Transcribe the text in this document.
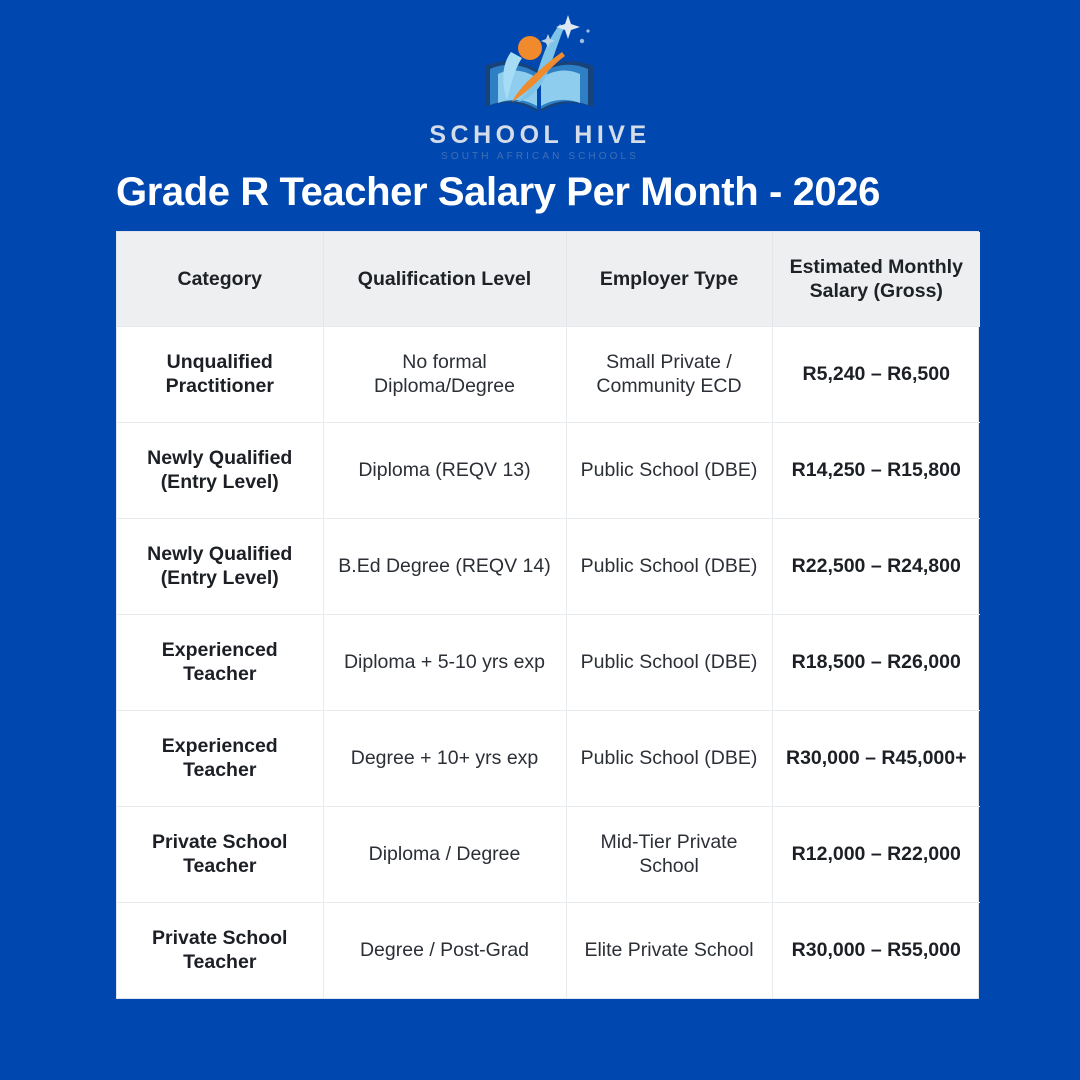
SCHOOL HIVE
SOUTH AFRICAN SCHOOLS
Grade R Teacher Salary Per Month - 2026
Category	Qualification Level	Employer Type	Estimated Monthly Salary (Gross)
Unqualified Practitioner	No formal Diploma/Degree	Small Private / Community ECD	R5,240 – R6,500
Newly Qualified (Entry Level)	Diploma (REQV 13)	Public School (DBE)	R14,250 – R15,800
Newly Qualified (Entry Level)	B.Ed Degree (REQV 14)	Public School (DBE)	R22,500 – R24,800
Experienced Teacher	Diploma + 5-10 yrs exp	Public School (DBE)	R18,500 – R26,000
Experienced Teacher	Degree + 10+ yrs exp	Public School (DBE)	R30,000 – R45,000+
Private School Teacher	Diploma / Degree	Mid-Tier Private School	R12,000 – R22,000
Private School Teacher	Degree / Post-Grad	Elite Private School	R30,000 – R55,000
